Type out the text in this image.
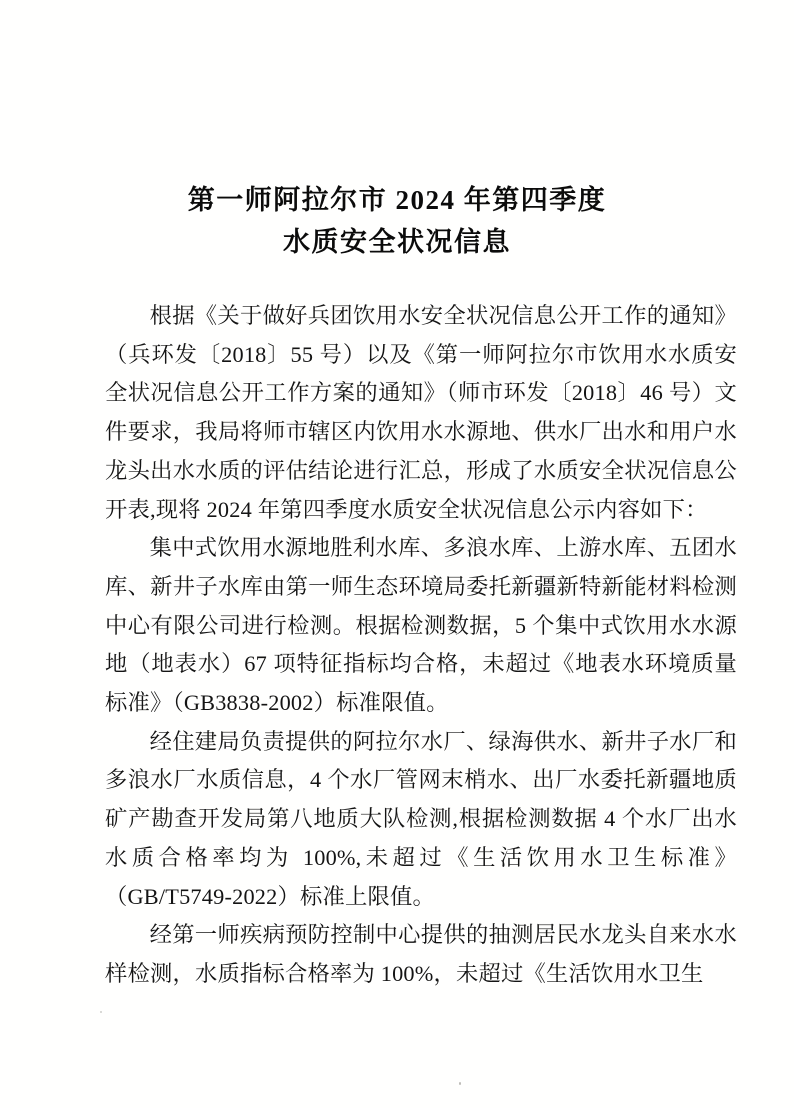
第一师阿拉尔市 2024 年第四季度
水质安全状况信息

根据《关于做好兵团饮用水安全状况信息公开工作的通知》（兵环发〔2018〕55 号）以及《第一师阿拉尔市饮用水水质安全状况信息公开工作方案的通知》（师市环发〔2018〕46 号）文件要求，我局将师市辖区内饮用水水源地、供水厂出水和用户水龙头出水水质的评估结论进行汇总，形成了水质安全状况信息公开表,现将 2024 年第四季度水质安全状况信息公示内容如下：

集中式饮用水源地胜利水库、多浪水库、上游水库、五团水库、新井子水库由第一师生态环境局委托新疆新特新能材料检测中心有限公司进行检测。根据检测数据，5 个集中式饮用水水源地（地表水）67 项特征指标均合格，未超过《地表水环境质量标准》（GB3838-2002）标准限值。

经住建局负责提供的阿拉尔水厂、绿海供水、新井子水厂和多浪水厂水质信息，4 个水厂管网末梢水、出厂水委托新疆地质矿产勘查开发局第八地质大队检测,根据检测数据 4 个水厂出水水质合格率均为 100%,未超过《生活饮用水卫生标准》（GB/T5749-2022）标准上限值。

经第一师疾病预防控制中心提供的抽测居民水龙头自来水水样检测，水质指标合格率为 100%，未超过《生活饮用水卫生
